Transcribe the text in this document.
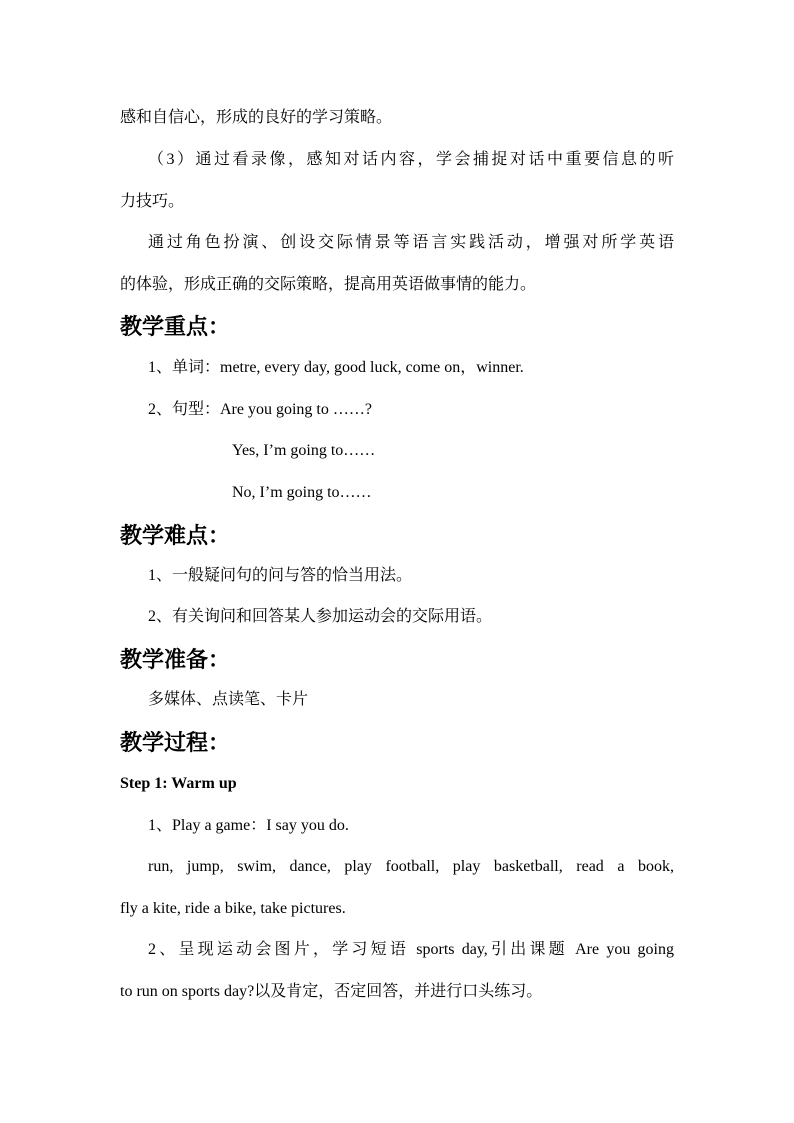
感和自信心，形成的良好的学习策略。
（3）通过看录像，感知对话内容，学会捕捉对话中重要信息的听
力技巧。
通过角色扮演、创设交际情景等语言实践活动，增强对所学英语
的体验，形成正确的交际策略，提高用英语做事情的能力。
教学重点：
1、单词：metre, every day, good luck, come on，winner.
2、句型：Are you going to ……?
Yes, I’m going to……
No, I’m going to……
教学难点：
1、一般疑问句的问与答的恰当用法。
2、有关询问和回答某人参加运动会的交际用语。
教学准备：
多媒体、点读笔、卡片
教学过程：
Step 1: Warm up
1、Play a game：I say you do.
run, jump, swim, dance, play football, play basketball, read a book,
fly a kite, ride a bike, take pictures.
2、呈现运动会图片，学习短语 sports day,引出课题 Are you going
to run on sports day?以及肯定，否定回答，并进行口头练习。
